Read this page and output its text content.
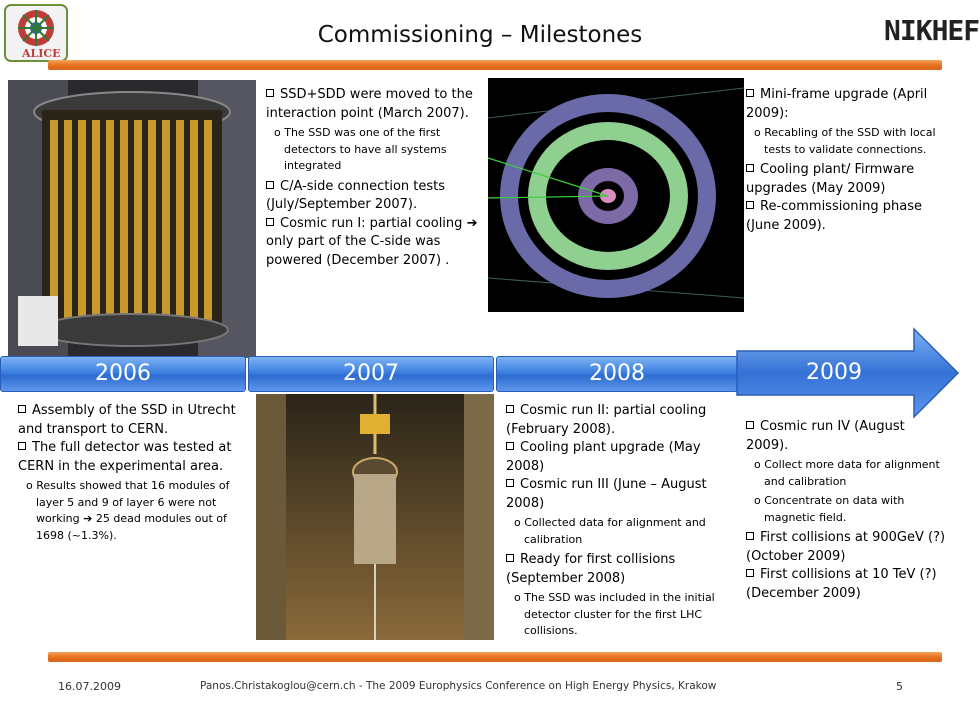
ALICE
NIKHEF
Commissioning – Milestones
SSD+SDD were moved to the interaction point (March 2007).
o The SSD was one of the first detectors to have all systems integrated
C/A-side connection tests (July/September 2007).
Cosmic run I: partial cooling ➔ only part of the C-side was powered (December 2007) .
Mini-frame upgrade (April 2009):
o Recabling of the SSD with local tests to validate connections.
Cooling plant/ Firmware upgrades (May 2009)
Re-commissioning phase (June 2009).
2006	2007	2008	2009
Assembly of the SSD in Utrecht and transport to CERN.
The full detector was tested at CERN in the experimental area.
o Results showed that 16 modules of layer 5 and 9 of layer 6 were not working ➔ 25 dead modules out of 1698 (~1.3%).
Cosmic run II: partial cooling (February 2008).
Cooling plant upgrade (May 2008)
Cosmic run III (June – August 2008)
o Collected data for alignment and calibration
Ready for first collisions (September 2008)
o The SSD was included in the initial detector cluster for the first LHC collisions.
Cosmic run IV (August 2009).
o Collect more data for alignment and calibration
o Concentrate on data with magnetic field.
First collisions at 900GeV (?) (October 2009)
First collisions at 10 TeV (?) (December 2009)
16.07.2009	Panos.Christakoglou@cern.ch - The 2009 Europhysics Conference on High Energy Physics, Krakow	5
